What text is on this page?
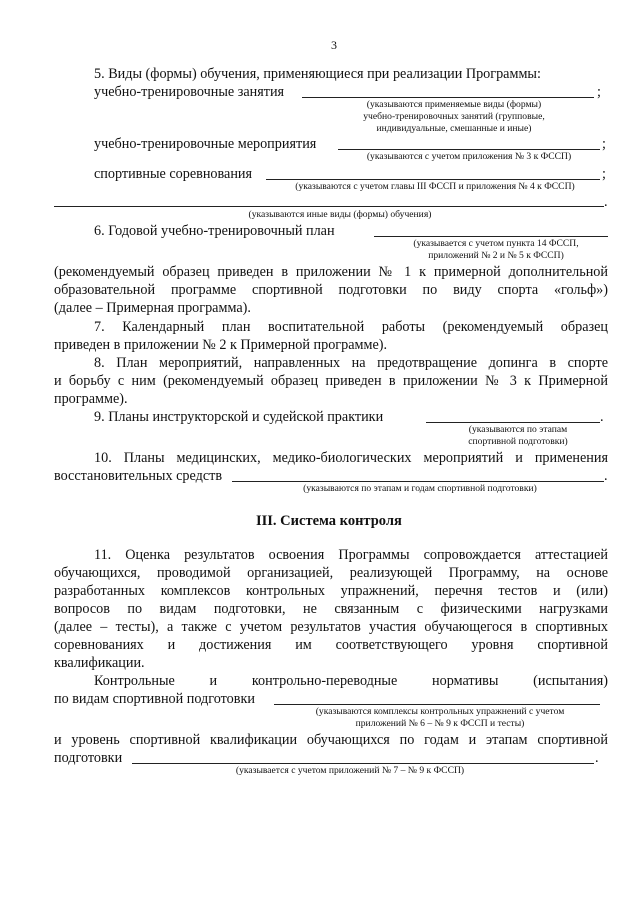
3
5. Виды (формы) обучения, применяющиеся при реализации Программы:
учебно-тренировочные занятия	;
(указываются применяемые виды (формы)
учебно-тренировочных занятий (групповые,
индивидуальные, смешанные и иные)
учебно-тренировочные мероприятия	;
(указываются с учетом приложения № 3 к ФССП)
спортивные соревнования	;
(указываются с учетом главы III ФССП и приложения № 4 к ФССП)
.
(указываются иные виды (формы) обучения)
6. Годовой учебно-тренировочный план
(указывается с учетом пункта 14 ФССП,
приложений № 2 и № 5 к ФССП)
(рекомендуемый образец приведен в приложении № 1 к примерной дополнительной
образовательной программе спортивной подготовки по виду спорта «гольф»)
(далее – Примерная программа).
7. Календарный план воспитательной работы (рекомендуемый образец
приведен в приложении № 2 к Примерной программе).
8. План мероприятий, направленных на предотвращение допинга в спорте
и борьбу с ним (рекомендуемый образец приведен в приложении № 3 к Примерной
программе).
9. Планы инструкторской и судейской практики	.
(указываются по этапам
спортивной подготовки)
10. Планы медицинских, медико-биологических мероприятий и применения
восстановительных средств	.
(указываются по этапам и годам спортивной подготовки)
III. Система контроля
11. Оценка результатов освоения Программы сопровождается аттестацией
обучающихся, проводимой организацией, реализующей Программу, на основе
разработанных комплексов контрольных упражнений, перечня тестов и (или)
вопросов по видам подготовки, не связанным с физическими нагрузками
(далее – тесты), а также с учетом результатов участия обучающегося в спортивных
соревнованиях и достижения им соответствующего уровня спортивной
квалификации.
Контрольные и контрольно-переводные нормативы (испытания)
по видам спортивной подготовки
(указываются комплексы контрольных упражнений с учетом
приложений № 6 – № 9 к ФССП и тесты)
и уровень спортивной квалификации обучающихся по годам и этапам спортивной
подготовки	.
(указывается с учетом приложений № 7 – № 9 к ФССП)
